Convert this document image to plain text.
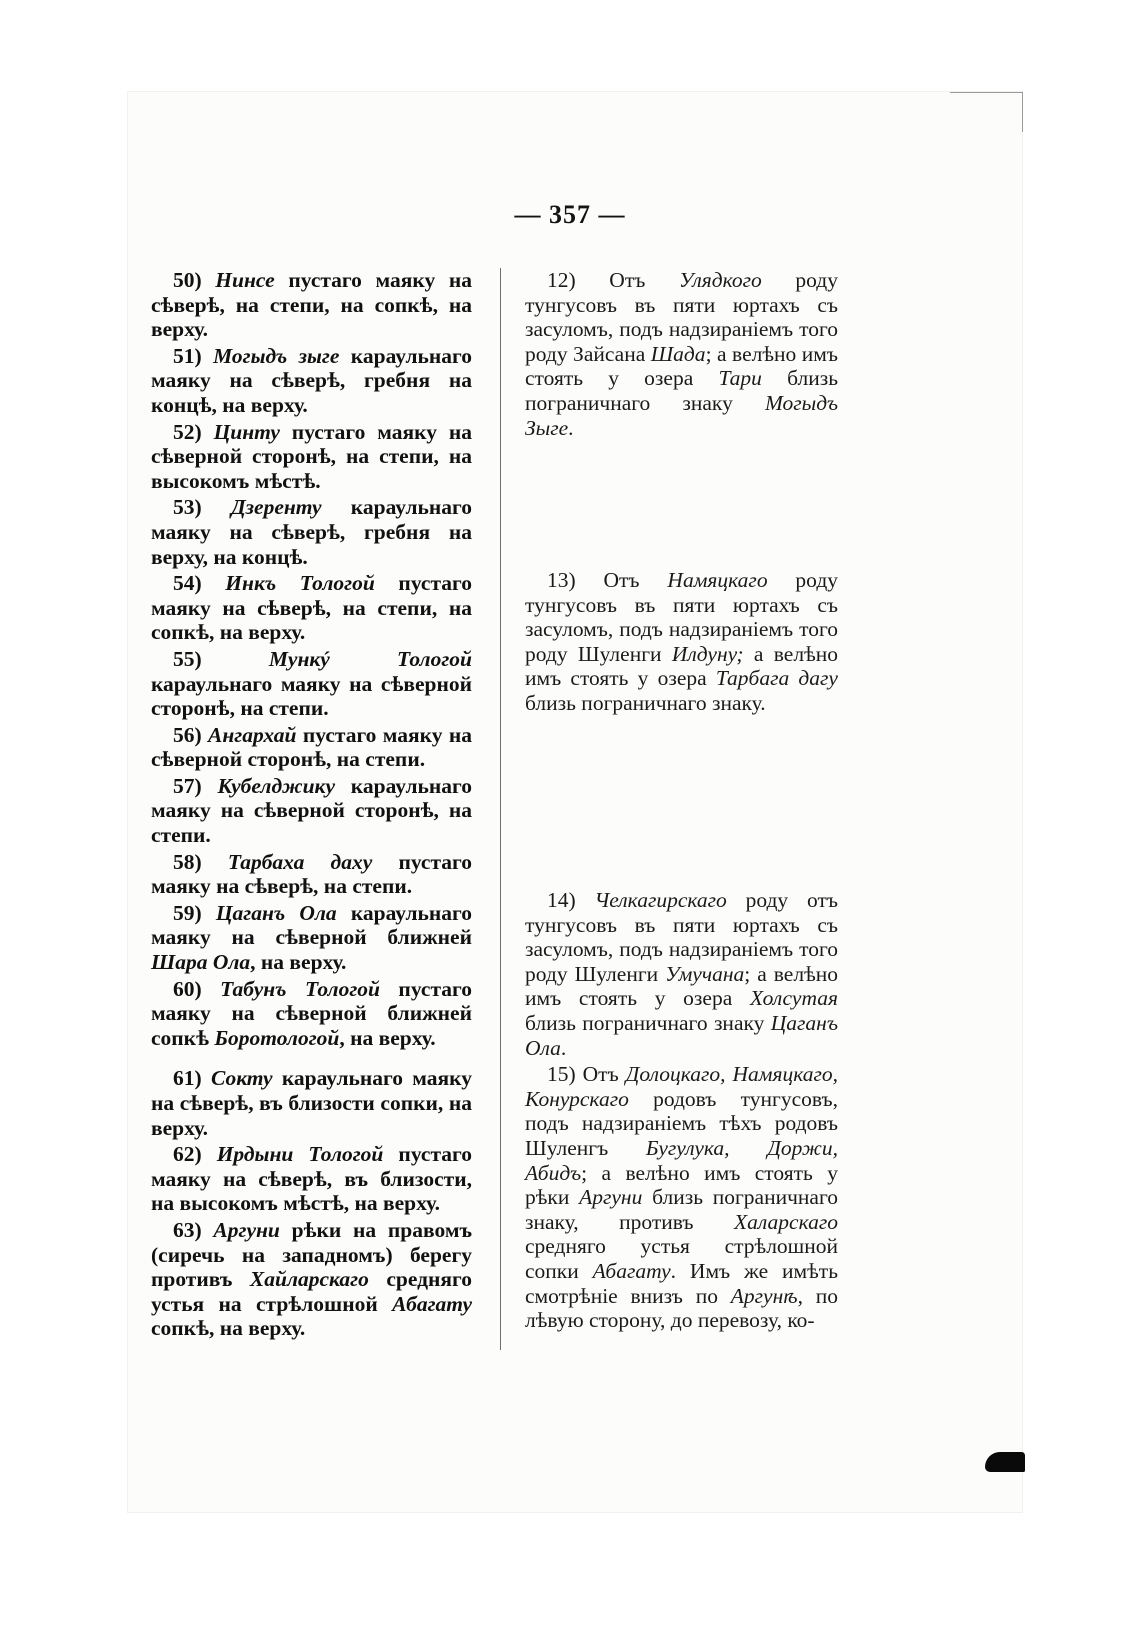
— 357 —

50) Нинсе пустаго маяку на сѣверѣ, на степи, на сопкѣ, на верху.

51) Могыдъ зыге караульнаго маяку на сѣверѣ, гребня на концѣ, на верху.

52) Цинту пустаго маяку на сѣверной сторонѣ, на степи, на высокомъ мѣстѣ.

53) Дзеренту караульнаго маяку на сѣверѣ, гребня на верху, на концѣ.

54) Инкъ Тологой пустаго маяку на сѣверѣ, на степи, на сопкѣ, на верху.

55)	Мункý Тологой караульнаго маяку на сѣверной сторонѣ, на степи.

56) Ангархай пустаго маяку на сѣверной сторонѣ, на степи.

57) Кубелджику караульнаго маяку на сѣверной сторонѣ, на степи.

58) Тарбаха даху пустаго маяку на сѣверѣ, на степи.

59) Цаганъ Ола караульнаго маяку на сѣверной ближней Шара Ола, на верху.

60) Табунъ Тологой пустаго маяку на сѣверной ближней сопкѣ Боротологой, на верху.

61) Сокту караульнаго маяку на сѣверѣ, въ близости сопки, на верху.

62) Ирдыни Тологой пустаго маяку на сѣверѣ, въ близости, на высокомъ мѣстѣ, на верху.

63) Аргуни рѣки на правомъ (сиречь на западномъ) берегу противъ Хайларскаго средняго устья на стрѣлошной Абагату сопкѣ, на верху.

12) Отъ Улядкого роду тунгусовъ въ пяти юртахъ съ засуломъ, подъ надзираніемъ того роду Зайсана Шада; а велѣно имъ стоять у озера Тари близь пограничнаго знаку Могыдъ Зыге.

13) Отъ Намяцкаго роду тунгусовъ въ пяти юртахъ съ засуломъ, подъ надзираніемъ того роду Шуленги Илдуну; а велѣно имъ стоять у озера Тарбага дагу близь пограничнаго знаку.

14) Челкагирскаго роду отъ тунгусовъ въ пяти юртахъ съ засуломъ, подъ надзираніемъ того роду Шуленги Умучана; а велѣно имъ стоять у озера Холсутая близь пограничнаго знаку Цаганъ Ола.

15) Отъ Долоцкаго, Намяцкаго, Конурскаго родовъ тунгусовъ, подъ надзираніемъ тѣхъ родовъ Шуленгъ Бугулука, Доржи, Абидъ; а велѣно имъ стоять у рѣки Аргуни близь пограничнаго знаку, противъ Халарскаго средняго устья стрѣлошной сопки Абагату. Имъ же имѣть смотрѣніе внизъ по Аргунѣ, по лѣвую сторону, до перевозу, ко-
